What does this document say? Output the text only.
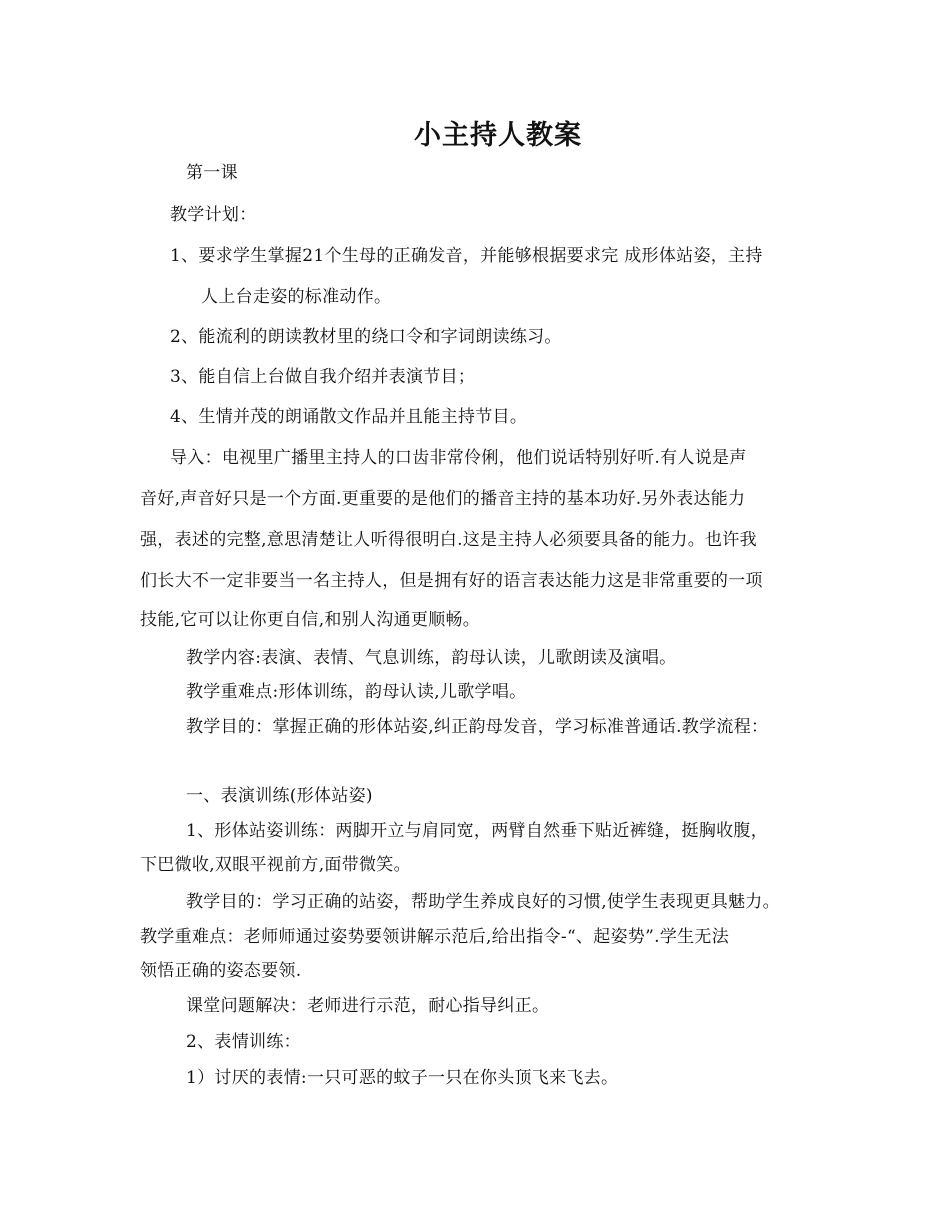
小主持人教案
第一课
教学计划：
1、要求学生掌握21个生母的正确发音，并能够根据要求完 成形体站姿，主持
人上台走姿的标准动作。
2、能流利的朗读教材里的绕口令和字词朗读练习。
3、能自信上台做自我介绍并表演节目；
4、生情并茂的朗诵散文作品并且能主持节目。
导入：电视里广播里主持人的口齿非常伶俐，他们说话特别好听.有人说是声
音好,声音好只是一个方面.更重要的是他们的播音主持的基本功好.另外表达能力
强，表述的完整,意思清楚让人听得很明白.这是主持人必须要具备的能力。也许我
们长大不一定非要当一名主持人，但是拥有好的语言表达能力这是非常重要的一项
技能,它可以让你更自信,和别人沟通更顺畅。
教学内容:表演、表情、气息训练，韵母认读，儿歌朗读及演唱。
教学重难点:形体训练，韵母认读,儿歌学唱。
教学目的：掌握正确的形体站姿,纠正韵母发音，学习标准普通话.教学流程：
一、表演训练(形体站姿)
1、形体站姿训练：两脚开立与肩同宽，两臂自然垂下贴近裤缝，挺胸收腹，
下巴微收,双眼平视前方,面带微笑。
教学目的：学习正确的站姿，帮助学生养成良好的习惯,使学生表现更具魅力。
教学重难点：老师师通过姿势要领讲解示范后,给出指令-“、起姿势”.学生无法
领悟正确的姿态要领.
课堂问题解决：老师进行示范，耐心指导纠正。
2、表情训练：
1）讨厌的表情:一只可恶的蚊子一只在你头顶飞来飞去。
